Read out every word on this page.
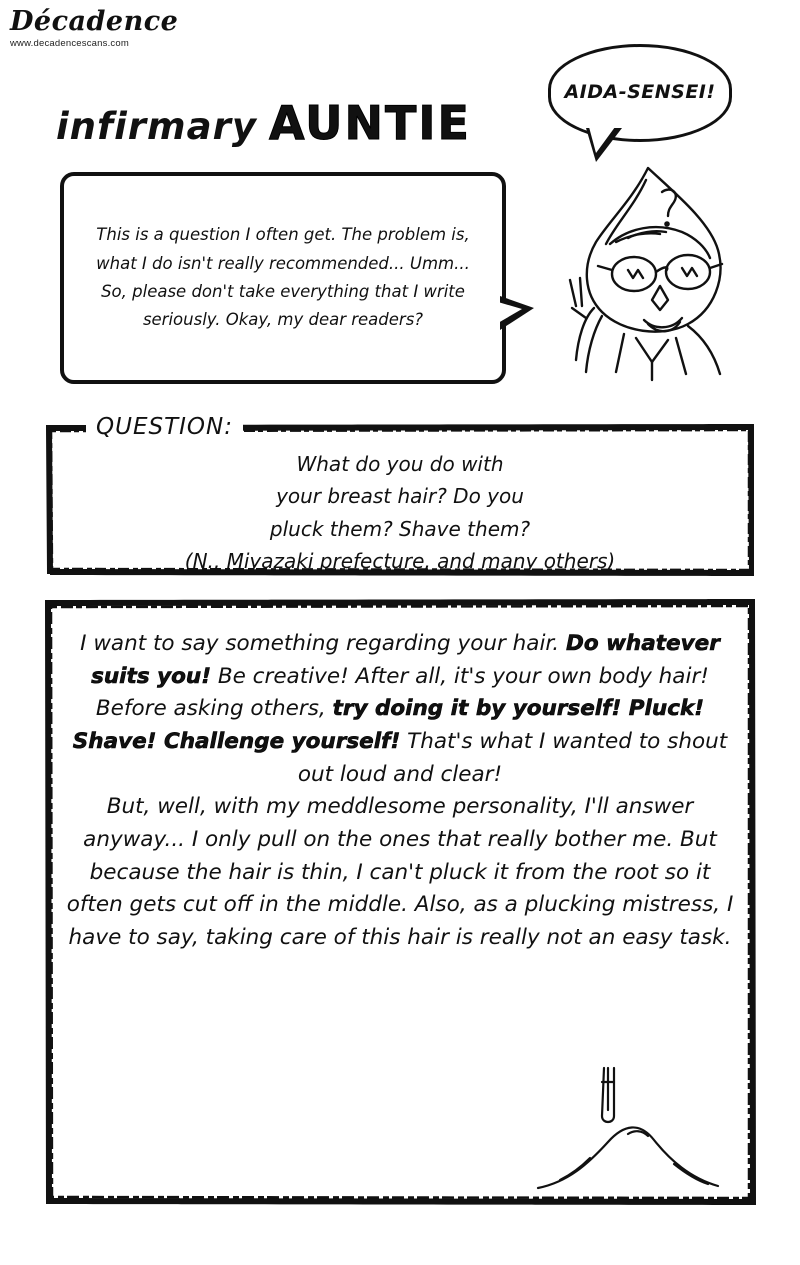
Décadence
www.decadencescans.com
infirmary AUNTIE
AIDA-SENSEI!
This is a question I often get. The problem is, what I do isn't really recommended... Umm... So, please don't take everything that I write seriously. Okay, my dear readers?
QUESTION:
What do you do with
your breast hair? Do you
pluck them? Shave them?
(N., Miyazaki prefecture, and many others)

I want to say something regarding your hair. Do whatever suits you! Be creative! After all, it's your own body hair! Before asking others, try doing it by yourself! Pluck! Shave! Challenge yourself! That's what I wanted to shout out loud and clear!

But, well, with my meddlesome personality, I'll answer anyway... I only pull on the ones that really bother me. But because the hair is thin, I can't pluck it from the root so it often gets cut off in the middle. Also, as a plucking mistress, I have to say, taking care of this hair is really not an easy task.
